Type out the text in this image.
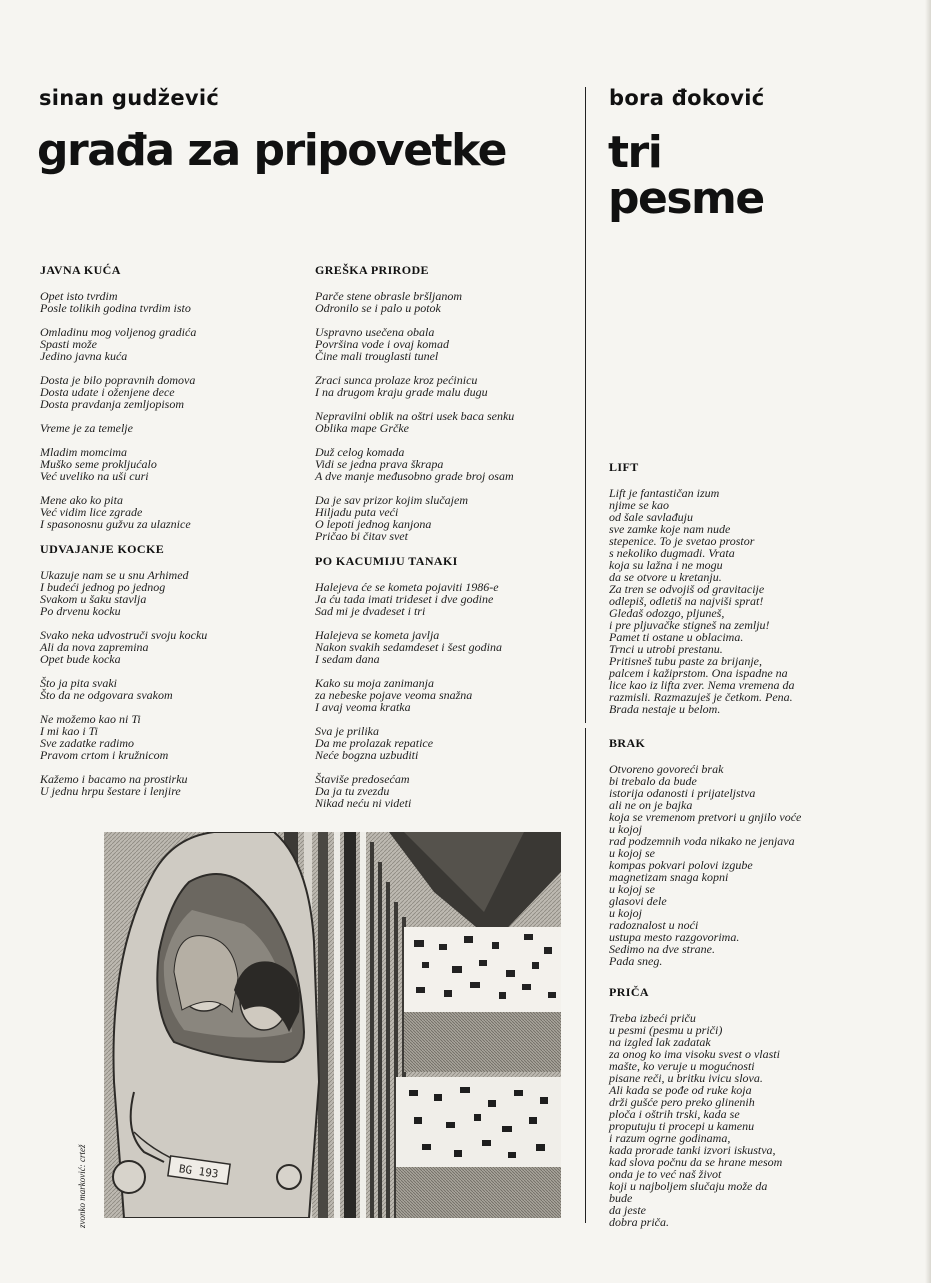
sinan gudžević
građa za pripovetke
bora đoković
tri
pesme
JAVNA KUĆA
Opet isto tvrdim
Posle tolikih godina tvrdim isto
Omladinu mog voljenog gradića
Spasti može
Jedino javna kuća
Dosta je bilo popravnih domova
Dosta udate i oženjene dece
Dosta pravdanja zemljopisom
Vreme je za temelje
Mladim momcima
Muško seme prokljućalo
Već uveliko na uši curi
Mene ako ko pita
Već vidim lice zgrade
I spasonosnu gužvu za ulaznice
UDVAJANJE KOCKE
Ukazuje nam se u snu Arhimed
I budeći jednog po jednog
Svakom u šaku stavlja
Po drvenu kocku
Svako neka udvostruči svoju kocku
Ali da nova zapremina
Opet bude kocka
Što ja pita svaki
Što da ne odgovara svakom
Ne možemo kao ni Ti
I mi kao i Ti
Sve zadatke radimo
Pravom crtom i kružnicom
Kažemo i bacamo na prostirku
U jednu hrpu šestare i lenjire
GREŠKA PRIRODE
Parče stene obrasle bršljanom
Odronilo se i palo u potok
Uspravno usečena obala
Površina vode i ovaj komad
Čine mali trouglasti tunel
Zraci sunca prolaze kroz pećinicu
I na drugom kraju grade malu dugu
Nepravilni oblik na oštri usek baca senku
Oblika mape Grčke
Duž celog komada
Vidi se jedna prava škrapa
A dve manje međusobno grade broj osam
Da je sav prizor kojim slučajem
Hiljadu puta veći
O lepoti jednog kanjona
Pričao bi čitav svet
PO KACUMIJU TANAKI
Halejeva će se kometa pojaviti 1986-e
Ja ću tada imati trideset i dve godine
Sad mi je dvadeset i tri
Halejeva se kometa javlja
Nakon svakih sedamdeset i šest godina
I sedam dana
Kako su moja zanimanja
za nebeske pojave veoma snažna
I avaj veoma kratka
Sva je prilika
Da me prolazak repatice
Neće bogzna uzbuditi
Štaviše predosećam
Da ja tu zvezdu
Nikad neću ni videti
BG 193
zvonko marković: crtež
LIFT
Lift je fantastičan izum
njime se kao
od šale savlađuju
sve zamke koje nam nude
stepenice. To je svetao prostor
s nekoliko dugmadi. Vrata
koja su lažna i ne mogu
da se otvore u kretanju.
Za tren se odvojiš od gravitacije
odlepiš, odletiš na najviši sprat!
Gledaš odozgo, pljuneš,
i pre pljuvačke stigneš na zemlju!
Pamet ti ostane u oblacima.
Trnci u utrobi prestanu.
Pritisneš tubu paste za brijanje,
palcem i kažiprstom. Ona ispadne na
lice kao iz lifta zver. Nema vremena da
razmisli. Razmazuješ je četkom. Pena.
Brada nestaje u belom.
BRAK
Otvoreno govoreći brak
bi trebalo da bude
istorija odanosti i prijateljstva
ali ne on je bajka
koja se vremenom pretvori u gnjilo voće
u kojoj
rad podzemnih voda nikako ne jenjava
u kojoj se
kompas pokvari polovi izgube
magnetizam snaga kopni
u kojoj se
glasovi dele
u kojoj
radoznalost u noći
ustupa mesto razgovorima.
Sedimo na dve strane.
Pada sneg.
PRIČA
Treba izbeći priču
u pesmi (pesmu u priči)
na izgled lak zadatak
za onog ko ima visoku svest o vlasti
mašte, ko veruje u mogućnosti
pisane reči, u britku ivicu slova.
Ali kada se pođe od ruke koja
drži gušće pero preko glinenih
ploča i oštrih trski, kada se
proputuju ti procepi u kamenu
i razum ogrne godinama,
kada prorade tanki izvori iskustva,
kad slova počnu da se hrane mesom
onda je to već naš život
koji u najboljem slučaju može da
bude
da jeste
dobra priča.
